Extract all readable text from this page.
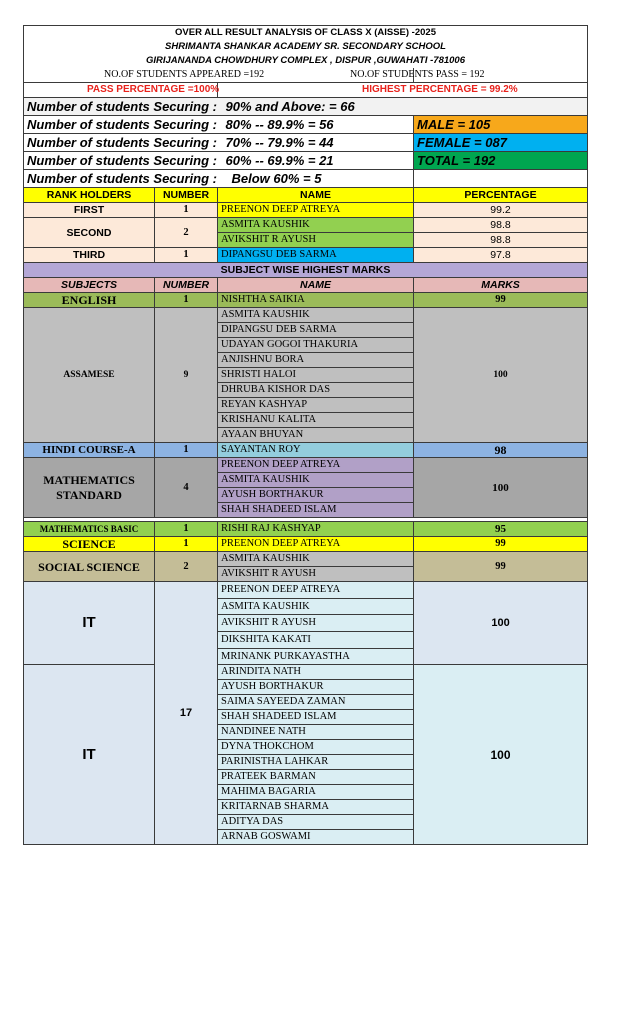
OVER ALL RESULT ANALYSIS OF CLASS X (AISSE) -2025			
SHRIMANTA SHANKAR ACADEMY SR. SECONDARY SCHOOL			
GIRIJANANDA CHOWDHURY COMPLEX , DISPUR ,GUWAHATI -781006			
NO.OF STUDENTS APPEARED =192			NO.OF STUDENTS PASS = 192
PASS PERCENTAGE =100%		HIGHEST PERCENTAGE = 99.2%	
Number of students Securing :		90% and Above: = 66	
Number of students Securing :		80% -- 89.9% = 56	MALE = 105
Number of students Securing :		70% -- 79.9% = 44	FEMALE = 087
Number of students Securing :		60% -- 69.9% = 21	TOTAL = 192
Number of students Securing :		Below 60% = 5	
RANK HOLDERS	NUMBER	NAME	PERCENTAGE
FIRST	1	PREENON DEEP ATREYA	99.2
SECOND	2	ASMITA KAUSHIK	98.8
		AVIKSHIT R AYUSH	98.8
THIRD	1	DIPANGSU DEB SARMA	97.8
SUBJECT WISE HIGHEST MARKS			
SUBJECTS	NUMBER	NAME	MARKS
ENGLISH	1	NISHTHA SAIKIA	99
ASSAMESE	9	ASMITA KAUSHIK	100
		DIPANGSU DEB SARMA	
		UDAYAN GOGOI THAKURIA	
		ANJISHNU BORA	
		SHRISTI HALOI	
		DHRUBA KISHOR DAS	
		REYAN KASHYAP	
		KRISHANU KALITA	
		AYAAN BHUYAN	
HINDI COURSE-A	1	SAYANTAN ROY	98
MATHEMATICS
STANDARD	4	PREENON DEEP ATREYA	100
		ASMITA KAUSHIK	
		AYUSH BORTHAKUR	
		SHAH SHADEED ISLAM	

MATHEMATICS BASIC	1	RISHI RAJ KASHYAP	95
SCIENCE	1	PREENON DEEP ATREYA	99
SOCIAL SCIENCE	2	ASMITA KAUSHIK	99
		AVIKSHIT R AYUSH	
IT	17	PREENON DEEP ATREYA	100
		ASMITA KAUSHIK	
		AVIKSHIT R AYUSH	
		DIKSHITA KAKATI	
		MRINANK PURKAYASTHA	
IT		ARINDITA NATH	100
		AYUSH BORTHAKUR	
		SAIMA SAYEEDA ZAMAN	
		SHAH SHADEED ISLAM	
		NANDINEE NATH	
		DYNA THOKCHOM	
		PARINISTHA LAHKAR	
		PRATEEK BARMAN	
		MAHIMA BAGARIA	
		KRITARNAB SHARMA	
		ADITYA DAS	
		ARNAB GOSWAMI	
